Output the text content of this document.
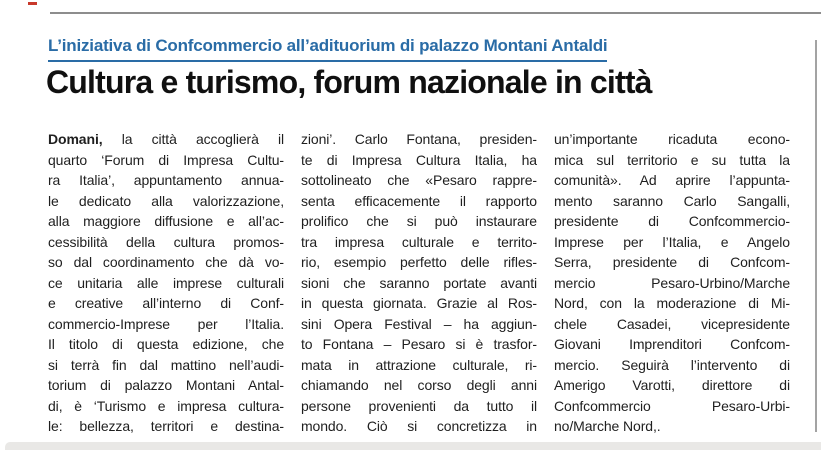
L’iniziativa di Confcommercio all’adituorium di palazzo Montani Antaldi
Cultura e turismo, forum nazionale in città
Domani, la città accoglierà il
quarto ‘Forum di Impresa Cultu-
ra Italia’, appuntamento annua-
le dedicato alla valorizzazione,
alla maggiore diffusione e all’ac-
cessibilità della cultura promos-
so dal coordinamento che dà vo-
ce unitaria alle imprese culturali
e creative all’interno di Conf-
commercio-Imprese per l’Italia.
Il titolo di questa edizione, che
si terrà fin dal mattino nell’audi-
torium di palazzo Montani Antal-
di, è ‘Turismo e impresa cultura-
le: bellezza, territori e destina-
zioni’. Carlo Fontana, presiden-
te di Impresa Cultura Italia, ha
sottolineato che «Pesaro rappre-
senta efficacemente il rapporto
prolifico che si può instaurare
tra impresa culturale e territo-
rio, esempio perfetto delle rifles-
sioni che saranno portate avanti
in questa giornata. Grazie al Ros-
sini Opera Festival – ha aggiun-
to Fontana – Pesaro si è trasfor-
mata in attrazione culturale, ri-
chiamando nel corso degli anni
persone provenienti da tutto il
mondo. Ciò si concretizza in
un’importante ricaduta econo-
mica sul territorio e su tutta la
comunità». Ad aprire l’appunta-
mento saranno Carlo Sangalli,
presidente di Confcommercio-
Imprese per l’Italia, e Angelo
Serra, presidente di Confcom-
mercio Pesaro-Urbino/Marche
Nord, con la moderazione di Mi-
chele Casadei, vicepresidente
Giovani Imprenditori Confcom-
mercio. Seguirà l’intervento di
Amerigo Varotti, direttore di
Confcommercio Pesaro-Urbi-
no/Marche Nord,.
